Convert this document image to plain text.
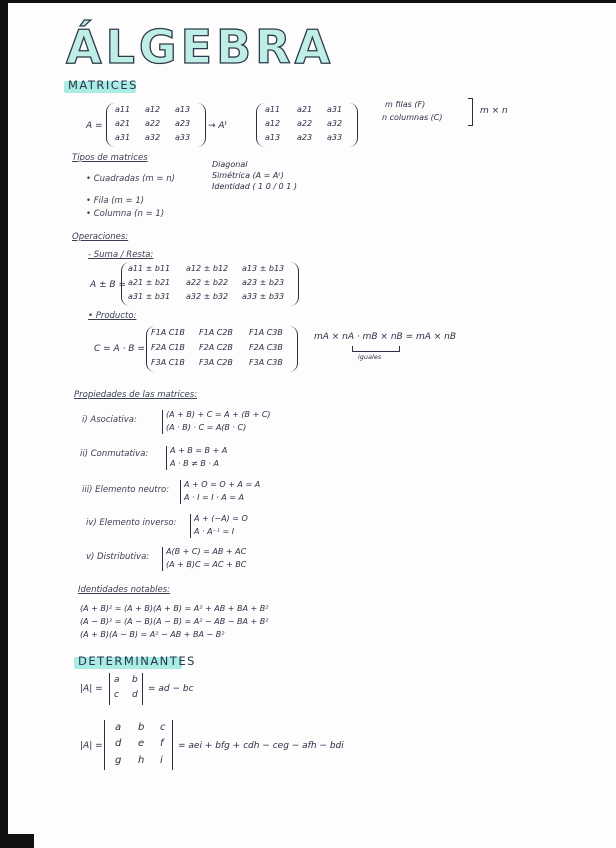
ÁLGEBRA
MATRICES
A =
a11 a12 a13
a21 a22 a23
a31 a32 a33
→ Aᵗ
a11 a21 a31
a12 a22 a32
a13 a23 a33
m filas (F)
n columnas (C)
m × n
Tipos de matrices
• Cuadradas (m = n)
Diagonal
Simétrica (A = Aᵗ)
Identidad ( 1 0 / 0 1 )
• Fila (m = 1)
• Columna (n = 1)
Operaciones:
- Suma / Resta:
A ± B =
a11 ± b11 a12 ± b12 a13 ± b13
a21 ± b21 a22 ± b22 a23 ± b23
a31 ± b31 a32 ± b32 a33 ± b33
• Producto:
C = A · B =
F1A C1B F1A C2B F1A C3B
F2A C1B F2A C2B F2A C3B
F3A C1B F3A C2B F3A C3B
mA × nA · mB × nB = mA × nB
iguales
Propiedades de las matrices:
i) Asociativa:
(A + B) + C = A + (B + C)
(A · B) · C = A(B · C)
ii) Conmutativa:	A + B = B + A
A · B ≠ B · A
iii) Elemento neutro:
A + O = O + A = A
A · I = I · A = A
iv) Elemento inverso: A + (−A) = O
A · A⁻¹ = I
v) Distributiva:
A(B + C) = AB + AC
(A + B)C = AC + BC
Identidades notables:
(A + B)² = (A + B)(A + B) = A² + AB + BA + B²
(A − B)² = (A − B)(A − B) = A² − AB − BA + B²
(A + B)(A − B) = A² − AB + BA − B²
DETERMINANTES
|A| =
a b
c d
= ad − bc
|A| =
a b c
d e f
g h i
= aei + bfg + cdh − ceg − afh − bdi
